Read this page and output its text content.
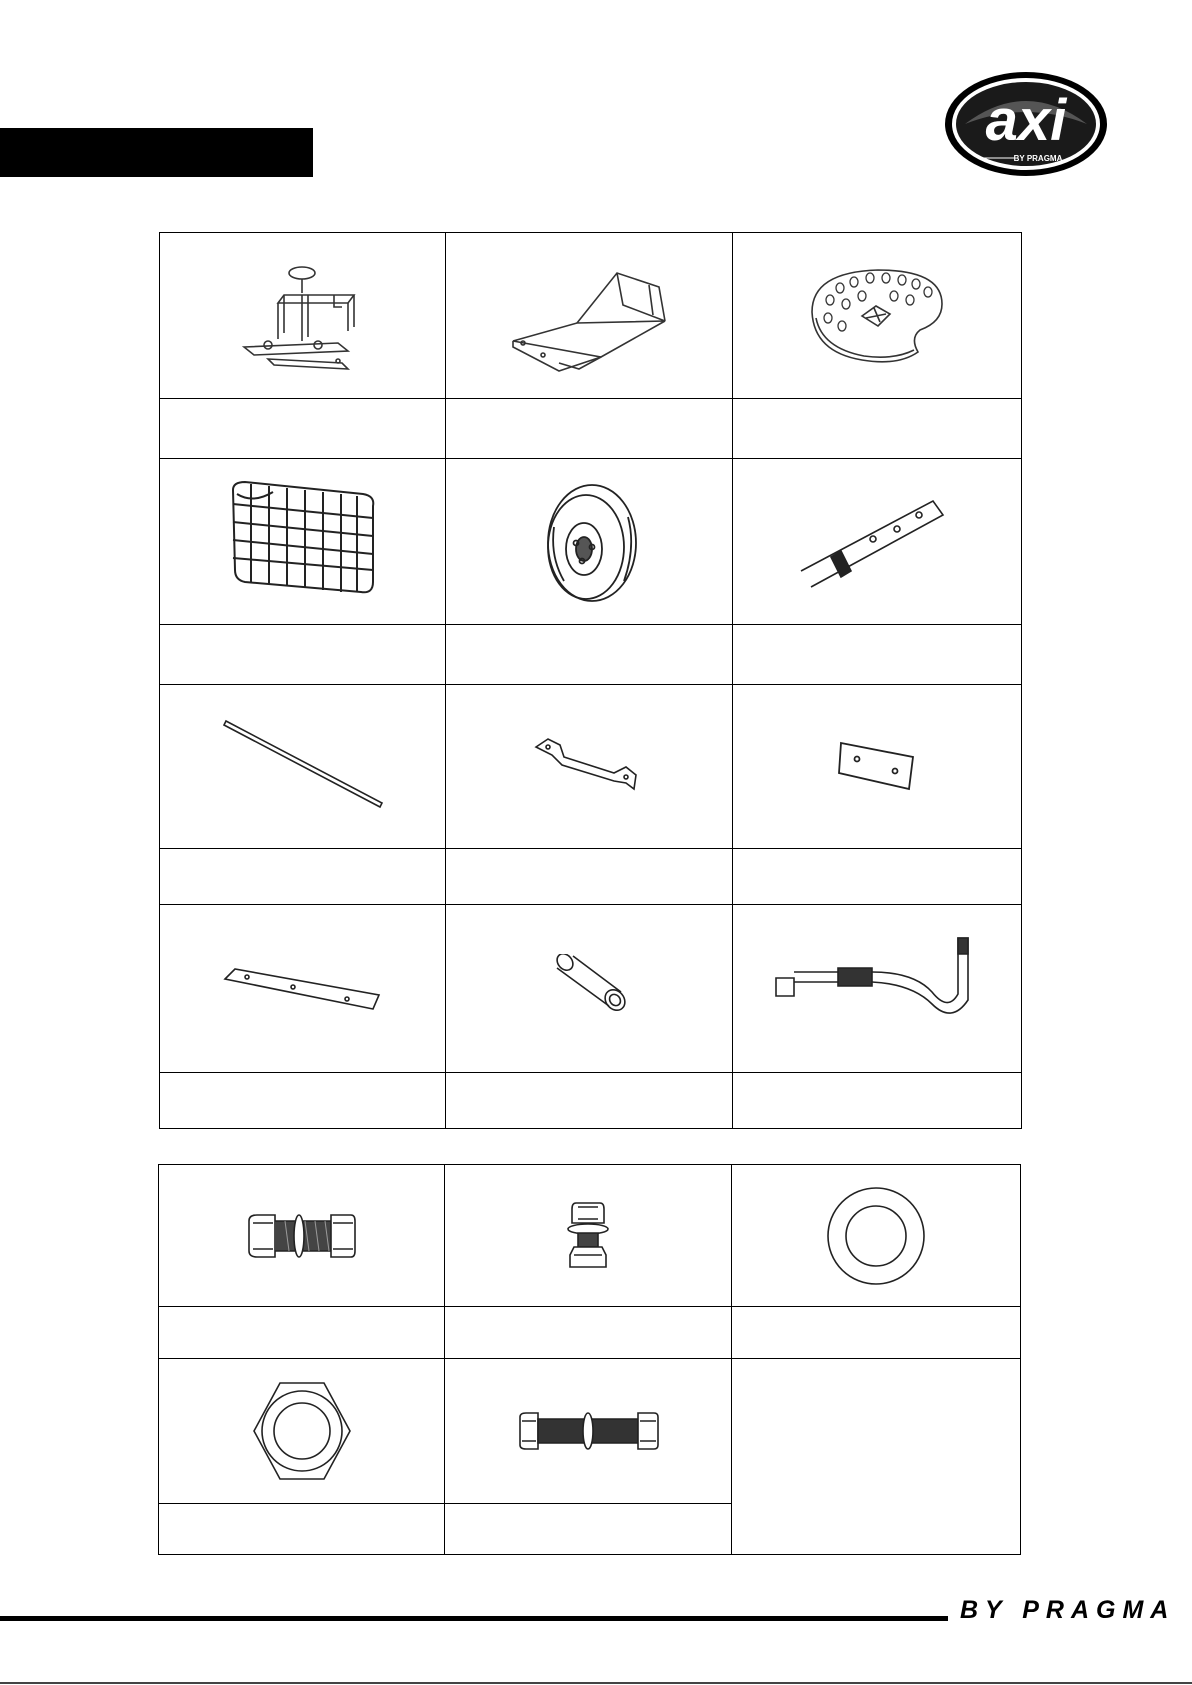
axi
BY PRAGMA

BY PRAGMA
